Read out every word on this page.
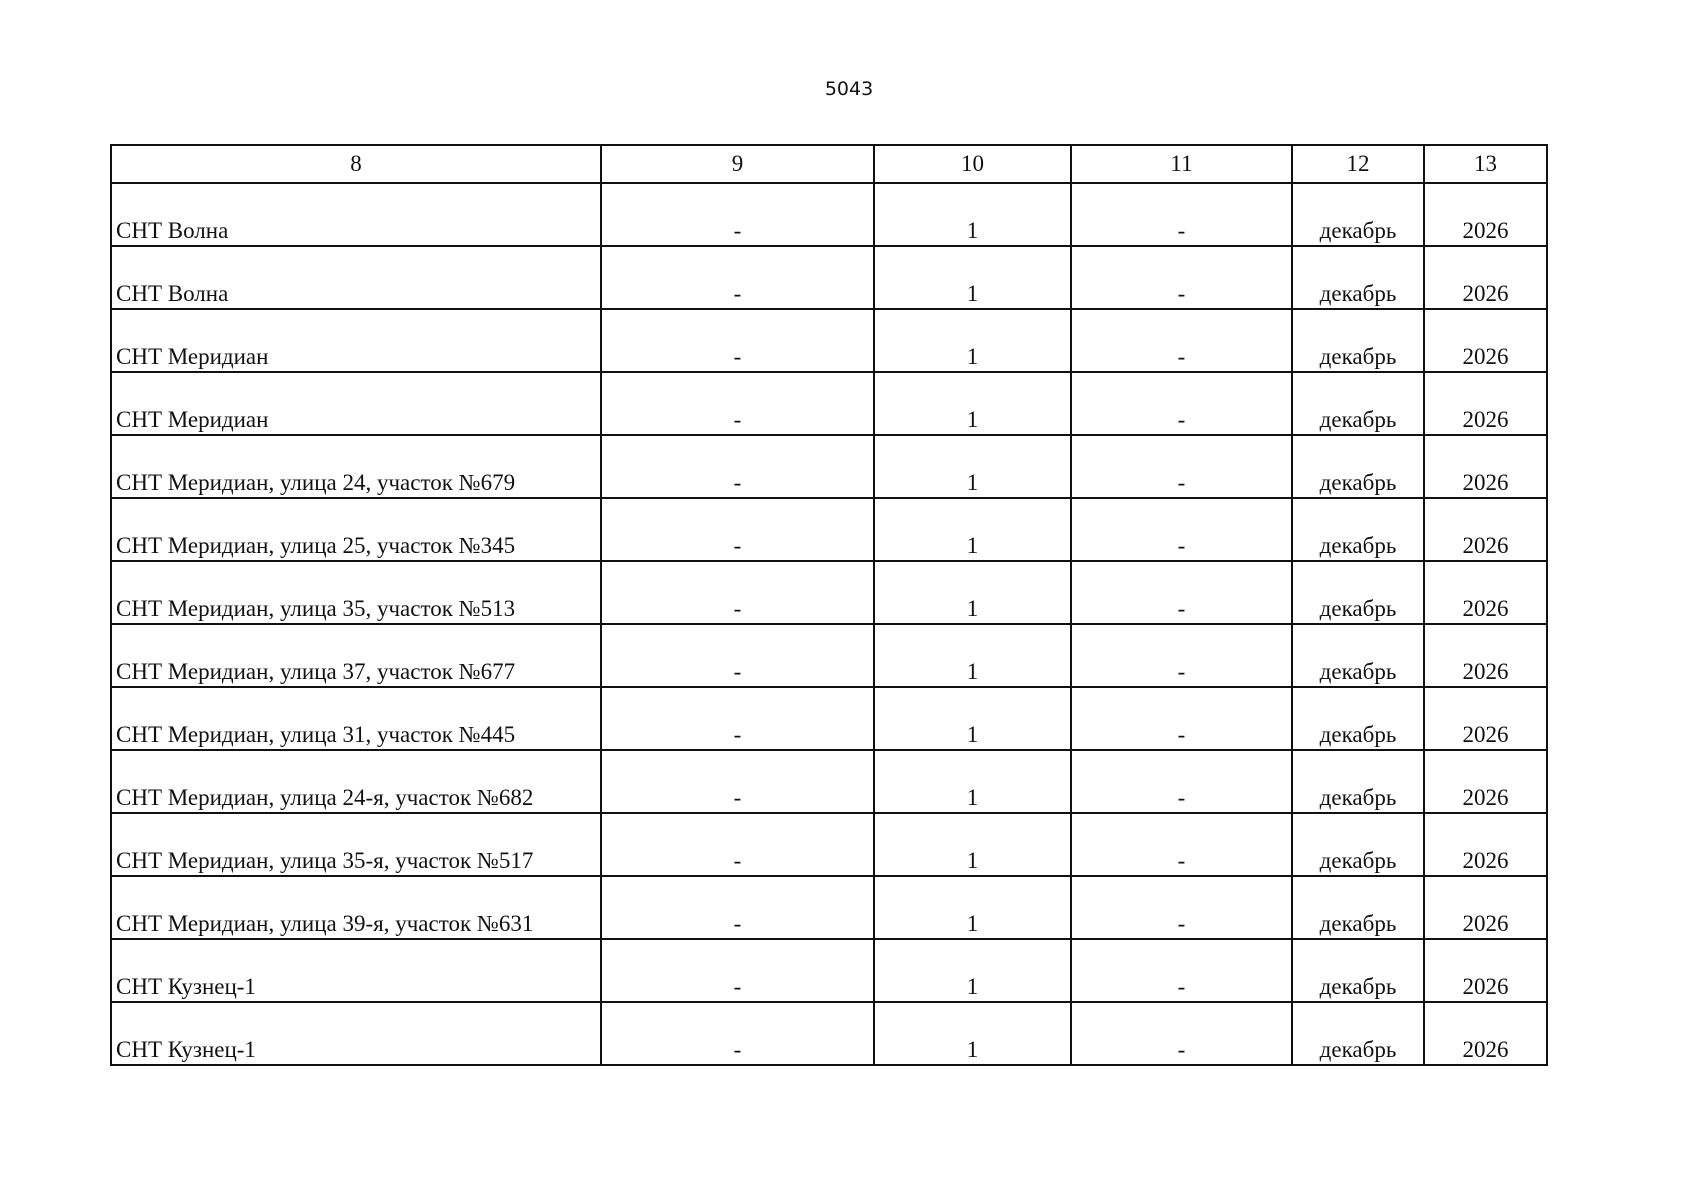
5043
8	9	10	11	12	13
СНТ Волна	-	1	-	декабрь	2026
СНТ Волна	-	1	-	декабрь	2026
СНТ Меридиан	-	1	-	декабрь	2026
СНТ Меридиан	-	1	-	декабрь	2026
СНТ Меридиан, улица 24, участок №679	-	1	-	декабрь	2026
СНТ Меридиан, улица 25, участок №345	-	1	-	декабрь	2026
СНТ Меридиан, улица 35, участок №513	-	1	-	декабрь	2026
СНТ Меридиан, улица 37, участок №677	-	1	-	декабрь	2026
СНТ Меридиан, улица 31, участок №445	-	1	-	декабрь	2026
СНТ Меридиан, улица 24-я, участок №682	-	1	-	декабрь	2026
СНТ Меридиан, улица 35-я, участок №517	-	1	-	декабрь	2026
СНТ Меридиан, улица 39-я, участок №631	-	1	-	декабрь	2026
СНТ Кузнец-1	-	1	-	декабрь	2026
СНТ Кузнец-1	-	1	-	декабрь	2026
